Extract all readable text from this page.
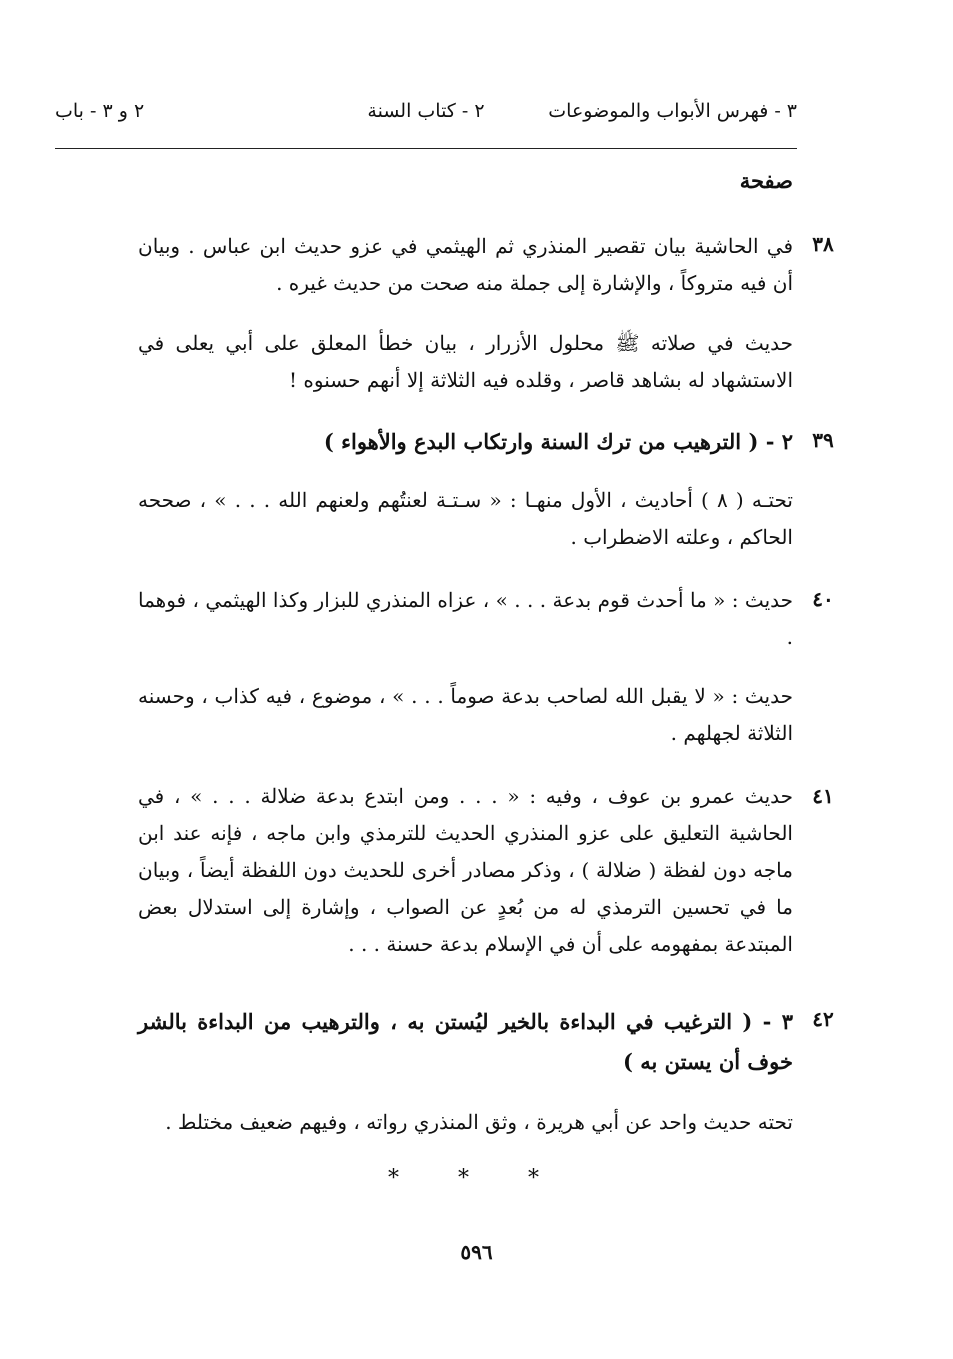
٣ - فهرس الأبواب والموضوعات
٢ - كتاب السنة
٢ و ٣ - باب
صفحة
٣٨
في الحاشية بيان تقصير المنذري ثم الهيثمي في عزو حديث ابن عباس . وبيان أن فيه متروكاً ، والإشارة إلى جملة منه صحت من حديث غيره .
حديث في صلاته ﷺ محلول الأزرار ، بيان خطأ المعلق على أبي يعلى في الاستشهاد له بشاهد قاصر ، وقلده فيه الثلاثة إلا أنهم حسنوه !
٣٩
٢ - ( الترهيب من ترك السنة وارتكاب البدع والأهواء )
تحتـه ( ٨ ) أحاديث ، الأول منهـا : « سـتـة لعنتُهم ولعنهم الله . . . » ، صححه الحاكم ، وعلته الاضطراب .
٤٠
حديث : « ما أحدث قوم بدعة . . . » ، عزاه المنذري للبزار وكذا الهيثمي ، فوهما .
حديث : « لا يقبل الله لصاحب بدعة صوماً . . . » ، موضوع ، فيه كذاب ، وحسنه الثلاثة لجهلهم .
٤١
حديث عمرو بن عوف ، وفيه : « . . . ومن ابتدع بدعة ضلالة . . . » ، في الحاشية التعليق على عزو المنذري الحديث للترمذي وابن ماجه ، فإنه عند ابن ماجه دون لفظة ( ضلالة ) ، وذكر مصادر أخرى للحديث دون اللفظة أيضاً ، وبيان ما في تحسين الترمذي له من بُعدٍ عن الصواب ، وإشارة إلى استدلال بعض المبتدعة بمفهومه على أن في الإسلام بدعة حسنة . . .
٤٢
٣ - ( الترغيب في البداءة بالخير ليُستن به ، والترهيب من البداءة بالشر خوف أن يستن به )
تحته حديث واحد عن أبي هريرة ، وثق المنذري رواته ، وفيهم ضعيف مختلط .
* * *
٥٩٦
